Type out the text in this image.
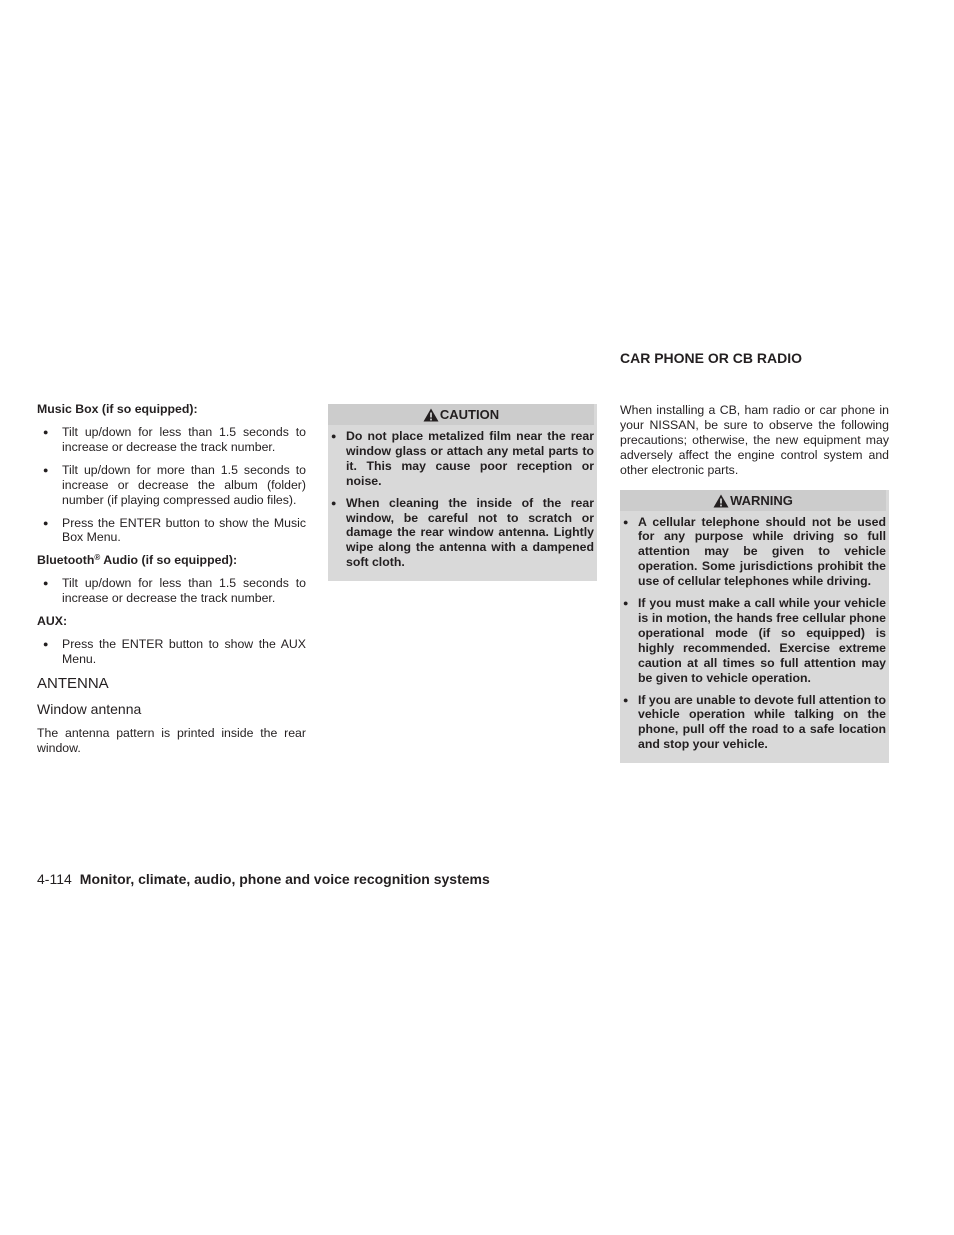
Music Box (if so equipped):
● Tilt up/down for less than 1.5 seconds to increase or decrease the track number.
● Tilt up/down for more than 1.5 seconds to increase or decrease the album (folder) number (if playing compressed audio files).
● Press the ENTER button to show the Music Box Menu.
Bluetooth® Audio (if so equipped):
● Tilt up/down for less than 1.5 seconds to increase or decrease the track number.
AUX:
● Press the ENTER button to show the AUX Menu.
ANTENNA
Window antenna

The antenna pattern is printed inside the rear window.

CAUTION
● Do not place metalized film near the rear window glass or attach any metal parts to it. This may cause poor reception or noise.
● When cleaning the inside of the rear window, be careful not to scratch or damage the rear window antenna. Lightly wipe along the antenna with a dampened soft cloth.
CAR PHONE OR CB RADIO

When installing a CB, ham radio or car phone in your NISSAN, be sure to observe the following precautions; otherwise, the new equipment may adversely affect the engine control system and other electronic parts.

WARNING
● A cellular telephone should not be used for any purpose while driving so full attention may be given to vehicle operation. Some jurisdictions prohibit the use of cellular telephones while driving.
● If you must make a call while your vehicle is in motion, the hands free cellular phone operational mode (if so equipped) is highly recommended. Exercise extreme caution at all times so full attention may be given to vehicle operation.
● If you are unable to devote full attention to vehicle operation while talking on the phone, pull off the road to a safe location and stop your vehicle.
4-114 Monitor, climate, audio, phone and voice recognition systems
